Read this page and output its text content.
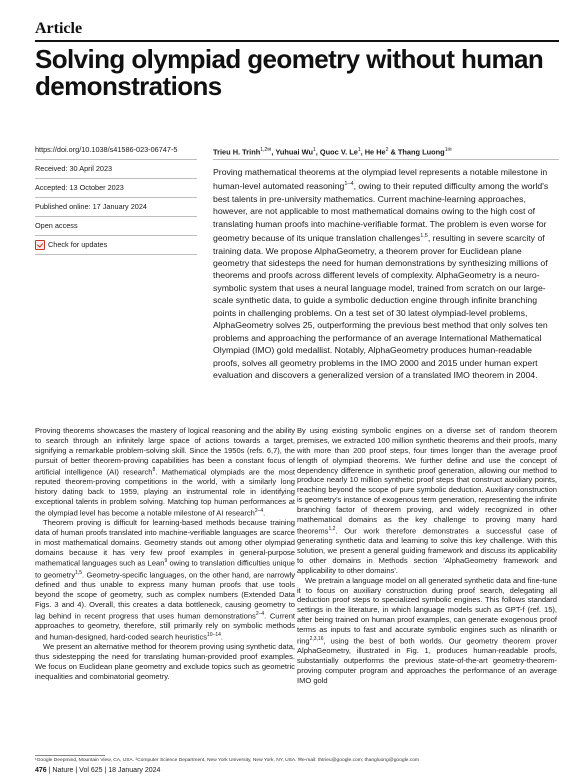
Article
Solving olympiad geometry without human demonstrations
https://doi.org/10.1038/s41586-023-06747-5
Received: 30 April 2023
Accepted: 13 October 2023
Published online: 17 January 2024
Open access
Check for updates
Trieu H. Trinh$^{1,2✉}$, Yuhuai Wu$^1$, Quoc V. Le$^1$, He He$^2$ & Thang Luong$^{1✉}$
Proving mathematical theorems at the olympiad level represents a notable milestone in human-level automated reasoning$^{1-4}$, owing to their reputed difficulty among the world's best talents in pre-university mathematics. Current machine-learning approaches, however, are not applicable to most mathematical domains owing to the high cost of translating human proofs into machine-verifiable format. The problem is even worse for geometry because of its unique translation challenges$^{1,5}$, resulting in severe scarcity of training data. We propose AlphaGeometry, a theorem prover for Euclidean plane geometry that sidesteps the need for human demonstrations by synthesizing millions of theorems and proofs across different levels of complexity. AlphaGeometry is a neuro-symbolic system that uses a neural language model, trained from scratch on our large-scale synthetic data, to guide a symbolic deduction engine through infinite branching points in challenging problems. On a test set of 30 latest olympiad-level problems, AlphaGeometry solves 25, outperforming the previous best method that only solves ten problems and approaching the performance of an average International Mathematical Olympiad (IMO) gold medallist. Notably, AlphaGeometry produces human-readable proofs, solves all geometry problems in the IMO 2000 and 2015 under human expert evaluation and discovers a generalized version of a translated IMO theorem in 2004.

Proving theorems showcases the mastery of logical reasoning and the ability to search through an infinitely large space of actions towards a target, signifying a remarkable problem-solving skill. Since the 1950s (refs. 6,7), the pursuit of better theorem-proving capabilities has been a constant focus of artificial intelligence (AI) research$^8$. Mathematical olympiads are the most reputed theorem-proving competitions in the world, with a similarly long history dating back to 1959, playing an instrumental role in identifying exceptional talents in problem solving. Matching top human performances at the olympiad level has become a notable milestone of AI research$^{2-4}$.

Theorem proving is difficult for learning-based methods because training data of human proofs translated into machine-verifiable languages are scarce in most mathematical domains. Geometry stands out among other olympiad domains because it has very few proof examples in general-purpose mathematical languages such as Lean$^9$ owing to translation difficulties unique to geometry$^{1,5}$. Geometry-specific languages, on the other hand, are narrowly defined and thus unable to express many human proofs that use tools beyond the scope of geometry, such as complex numbers (Extended Data Figs. 3 and 4). Overall, this creates a data bottleneck, causing geometry to lag behind in recent progress that uses human demonstrations$^{2-4}$. Current approaches to geometry, therefore, still primarily rely on symbolic methods and human-designed, hard-coded search heuristics$^{10-14}$.

We present an alternative method for theorem proving using synthetic data, thus sidestepping the need for translating human-provided proof examples. We focus on Euclidean plane geometry and exclude topics such as geometric inequalities and combinatorial geometry.

By using existing symbolic engines on a diverse set of random theorem premises, we extracted 100 million synthetic theorems and their proofs, many with more than 200 proof steps, four times longer than the average proof length of olympiad theorems. We further define and use the concept of dependency difference in synthetic proof generation, allowing our method to produce nearly 10 million synthetic proof steps that construct auxiliary points, reaching beyond the scope of pure symbolic deduction. Auxiliary construction is geometry's instance of exogenous term generation, representing the infinite branching factor of theorem proving, and widely recognized in other mathematical domains as the key challenge to proving many hard theorems$^{1,2}$. Our work therefore demonstrates a successful case of generating synthetic data and learning to solve this key challenge. With this solution, we present a general guiding framework and discuss its applicability to other domains in Methods section 'AlphaGeometry framework and applicability to other domains'.

We pretrain a language model on all generated synthetic data and fine-tune it to focus on auxiliary construction during proof search, delegating all deduction proof steps to specialized symbolic engines. This follows standard settings in the literature, in which language models such as GPT-f (ref. 15), after being trained on human proof examples, can generate exogenous proof terms as inputs to fast and accurate symbolic engines such as nlinarith or ring$^{2,3,16}$, using the best of both worlds. Our geometry theorem prover AlphaGeometry, illustrated in Fig. 1, produces human-readable proofs, substantially outperforms the previous state-of-the-art geometry-theorem-proving computer program and approaches the performance of an average IMO gold

¹Google Deepmind, Mountain View, CA, USA. ²Computer Science Department, New York University, New York, NY, USA. ✉e-mail: thtrieu@google.com; thangluong@google.com
476 | Nature | Vol 625 | 18 January 2024
